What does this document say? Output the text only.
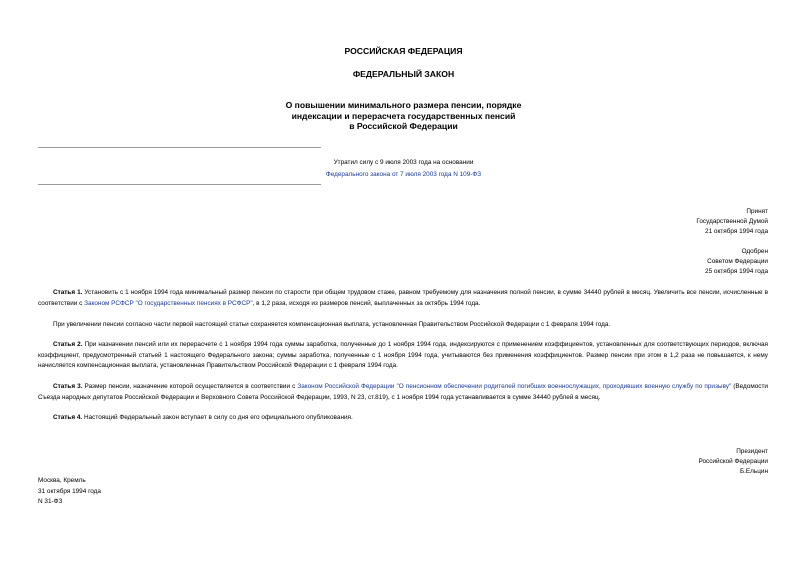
РОССИЙСКАЯ ФЕДЕРАЦИЯ
ФЕДЕРАЛЬНЫЙ ЗАКОН
О повышении минимального размера пенсии, порядке
индексации и перерасчета государственных пенсий
в Российской Федерации
Утратил силу с 9 июля 2003 года на основании
Федерального закона от 7 июля 2003 года N 109-ФЗ
Принят
Государственной Думой
21 октября 1994 года
Одобрен
Советом Федерации
25 октября 1994 года
Статья 1. Установить с 1 ноября 1994 года минимальный размер пенсии по старости при общем трудовом стаже, равном требуемому для назначения полной пенсии, в сумме 34440 рублей в месяц. Увеличить все пенсии, исчисленные в соответствии с Законом РСФСР "О государственных пенсиях в РСФСР", в 1,2 раза, исходя из размеров пенсий, выплаченных за октябрь 1994 года.
При увеличении пенсии согласно части первой настоящей статьи сохраняется компенсационная выплата, установленная Правительством Российской Федерации с 1 февраля 1994 года.
Статья 2. При назначении пенсий или их перерасчете с 1 ноября 1994 года суммы заработка, полученные до 1 ноября 1994 года, индексируются с применением коэффициентов, установленных для соответствующих периодов, включая коэффициент, предусмотренный статьей 1 настоящего Федерального закона; суммы заработка, полученные с 1 ноября 1994 года, учитываются без применения коэффициентов. Размер пенсии при этом в 1,2 раза не повышается, к нему начисляется компенсационная выплата, установленная Правительством Российской Федерации с 1 февраля 1994 года.
Статья 3. Размер пенсии, назначение которой осуществляется в соответствии с Законом Российской Федерации "О пенсионном обеспечении родителей погибших военнослужащих, проходивших военную службу по призыву" (Ведомости Съезда народных депутатов Российской Федерации и Верховного Совета Российской Федерации, 1993, N 23, ст.819), с 1 ноября 1994 года устанавливается в сумме 34440 рублей в месяц.
Статья 4. Настоящий Федеральный закон вступает в силу со дня его официального опубликования.
Президент
Российской Федерации
Б.Ельцин
Москва, Кремль
31 октября 1994 года
N 31-ФЗ
